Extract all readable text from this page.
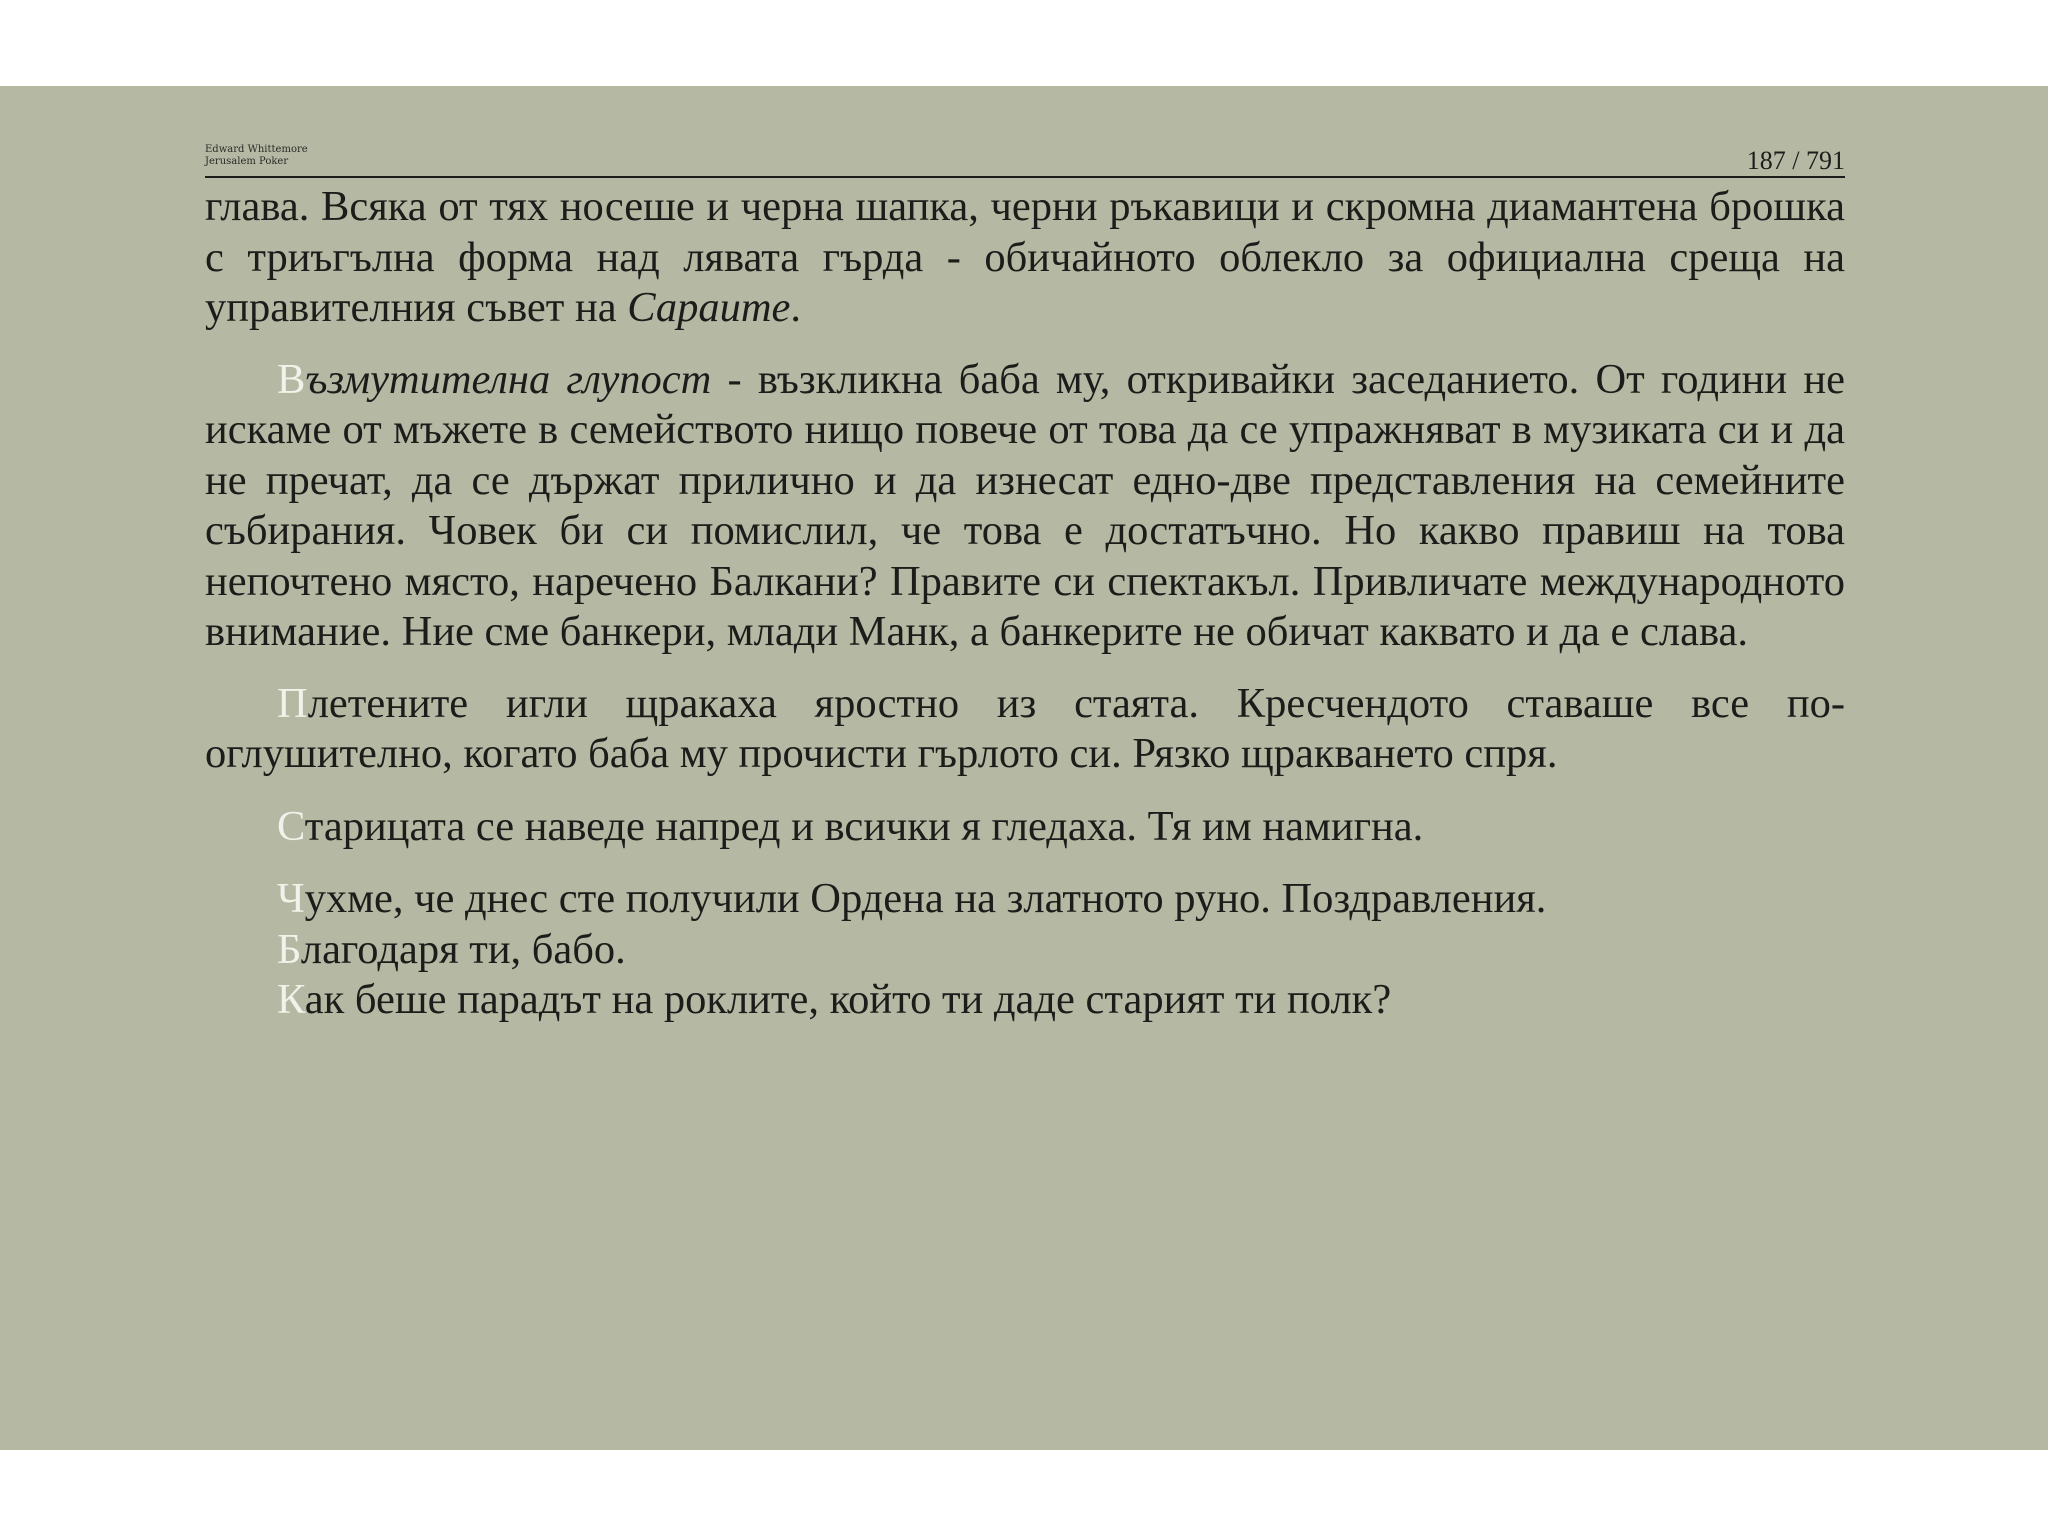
Edward Whittemore
Jerusalem Poker	187 / 791

глава. Всяка от тях носеше и черна шапка, черни ръкавици и скромна диамантена брошка с триъгълна форма над лявата гърда - обичайното облекло за официална среща на управителния съвет на Сараите.

Възмутителна глупост - възкликна баба му, откривайки заседанието. От години не искаме от мъжете в семейството нищо повече от това да се упражняват в музиката си и да не пречат, да се държат прилично и да изнесат едно-две представления на семейните събирания. Човек би си помислил, че това е достатъчно. Но какво правиш на това непочтено място, наречено Балкани? Правите си спектакъл. Привличате международното внимание. Ние сме банкери, млади Манк, а банкерите не обичат каквато и да е слава.

Плетените игли щракаха яростно из стаята. Кресчендото ставаше все по-оглушително, когато баба му прочисти гърлото си. Рязко щракването спря.

Старицата се наведе напред и всички я гледаха. Тя им намигна.

Чухме, че днес сте получили Ордена на златното руно. Поздравления.

Благодаря ти, бабо.

Как беше парадът на роклите, който ти даде старият ти полк?
